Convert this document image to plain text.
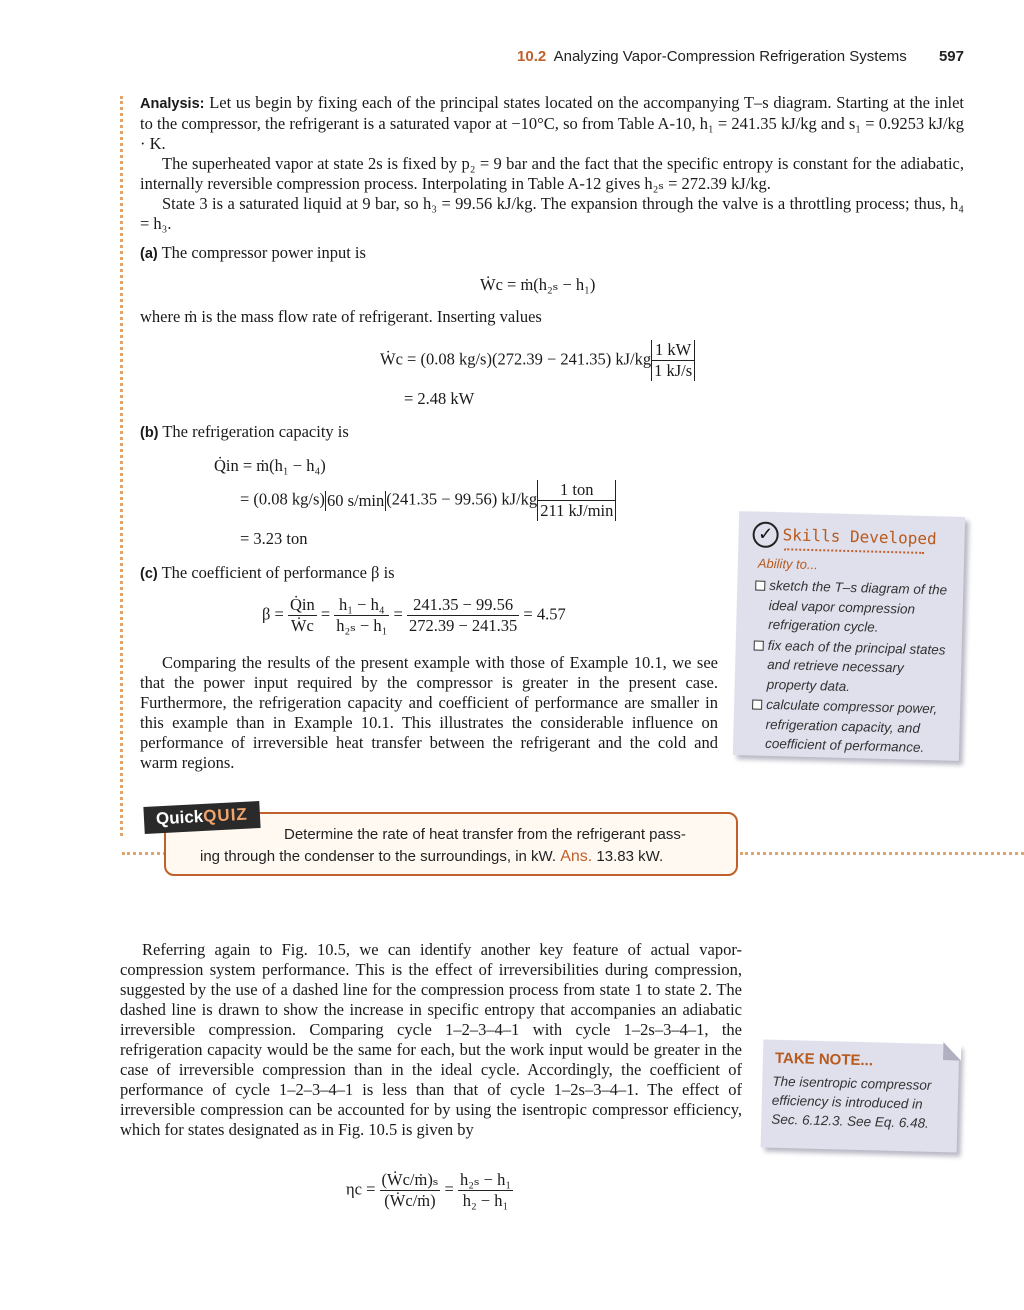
10.2 Analyzing Vapor-Compression Refrigeration Systems 597

Analysis: Let us begin by fixing each of the principal states located on the accompanying T–s diagram. Starting at the inlet to the compressor, the refrigerant is a saturated vapor at −10°C, so from Table A-10, h₁ = 241.35 kJ/kg and s₁ = 0.9253 kJ/kg · K.

The superheated vapor at state 2s is fixed by p₂ = 9 bar and the fact that the specific entropy is constant for the adiabatic, internally reversible compression process. Interpolating in Table A-12 gives h₂ₛ = 272.39 kJ/kg.

State 3 is a saturated liquid at 9 bar, so h₃ = 99.56 kJ/kg. The expansion through the valve is a throttling process; thus, h₄ = h₃.

(a) The compressor power input is
Ẇc = ṁ(h₂ₛ − h₁)
where ṁ is the mass flow rate of refrigerant. Inserting values
Ẇc = (0.08 kg/s)(272.39 − 241.35) $kJ/kg \frac{1 kW}{1 kJ/s}$
= 2.48 kW
(b) The refrigeration capacity is
Q̇in = ṁ(h₁ − h₄)
= (0.08 kg/s) 60 s/min (241.35 − 99.56) $kJ/kg \frac{\text{1 ton}}{211 kJ/\min}$
= 3.23 ton
(c) The coefficient of performance β is
$\beta = \frac{Q̇in}{\text{Ẇc}} = \frac{\text{h₁ − h₄}}{\text{h₂ₛ − h₁}} = \frac{241.35 - 99.56}{272.39 - 241.35} = 4.57$
Comparing the results of the present example with those of Example 10.1, we see that the power input required by the compressor is greater in the present case. Furthermore, the refrigeration capacity and coefficient of performance are smaller in this example than in Example 10.1. This illustrates the considerable influence on performance of irreversible heat transfer between the refrigerant and the cold and warm regions.
✓ Skills Developed
Ability to...
sketch the T–s diagram of the ideal vapor compression refrigeration cycle.
fix each of the principal states and retrieve necessary property data.
calculate compressor power, refrigeration capacity, and coefficient of performance.
QuickQUIZ
Determine the rate of heat transfer from the refrigerant pass-
ing through the condenser to the surroundings, in kW. Ans. 13.83 kW.
Referring again to Fig. 10.5, we can identify another key feature of actual vapor-compression system performance. This is the effect of irreversibilities during compression, suggested by the use of a dashed line for the compression process from state 1 to state 2. The dashed line is drawn to show the increase in specific entropy that accompanies an adiabatic irreversible compression. Comparing cycle 1–2–3–4–1 with cycle 1–2s–3–4–1, the refrigeration capacity would be the same for each, but the work input would be greater in the case of irreversible compression than in the ideal cycle. Accordingly, the coefficient of performance of cycle 1–2–3–4–1 is less than that of cycle 1–2s–3–4–1. The effect of irreversible compression can be accounted for by using the isentropic compressor efficiency, which for states designated as in Fig. 10.5 is given by
$\eta c = \frac{\text{(Ẇc/ṁ)ₛ}}{\text{(Ẇc/ṁ)}} = \frac{\text{h₂ₛ − h₁}}{\text{h₂ − h₁}}$
TAKE NOTE...
The isentropic compressor efficiency is introduced in Sec. 6.12.3. See Eq. 6.48.
